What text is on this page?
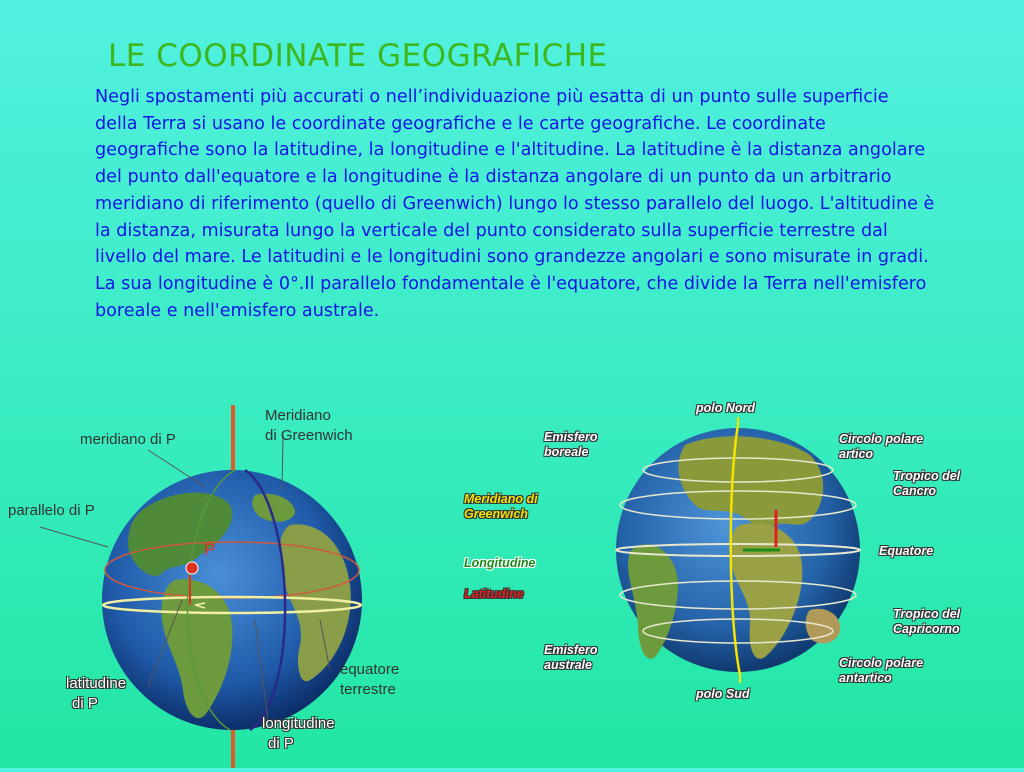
LE COORDINATE GEOGRAFICHE

Negli spostamenti più accurati o nell’individuazione più esatta di un punto sulle superficie della Terra si usano le coordinate geografiche e le carte geografiche. Le coordinate geografiche sono la latitudine, la longitudine e l'altitudine. La latitudine è la distanza angolare del punto dall'equatore e la longitudine è la distanza angolare di un punto da un arbitrario meridiano di riferimento (quello di Greenwich) lungo lo stesso parallelo del luogo. L'altitudine è la distanza, misurata lungo la verticale del punto considerato sulla superficie terrestre dal livello del mare. Le latitudini e le longitudini sono grandezze angolari e sono misurate in gradi. La sua longitudine è 0°.Il parallelo fondamentale è l'equatore, che divide la Terra nell'emisfero boreale e nell'emisfero australe.

meridiano di P
Meridiano
di Greenwich
parallelo di P
P
latitudine
di P
equatore
terrestre
longitudine
di P
polo Nord
Emisfero
boreale
Circolo polare
artico
Tropico del
Cancro
Meridiano di
Greenwich
Equatore
Longitudine
Latitudine
Tropico del
Capricorno
Emisfero
australe	Circolo polare
antartico
polo Sud
